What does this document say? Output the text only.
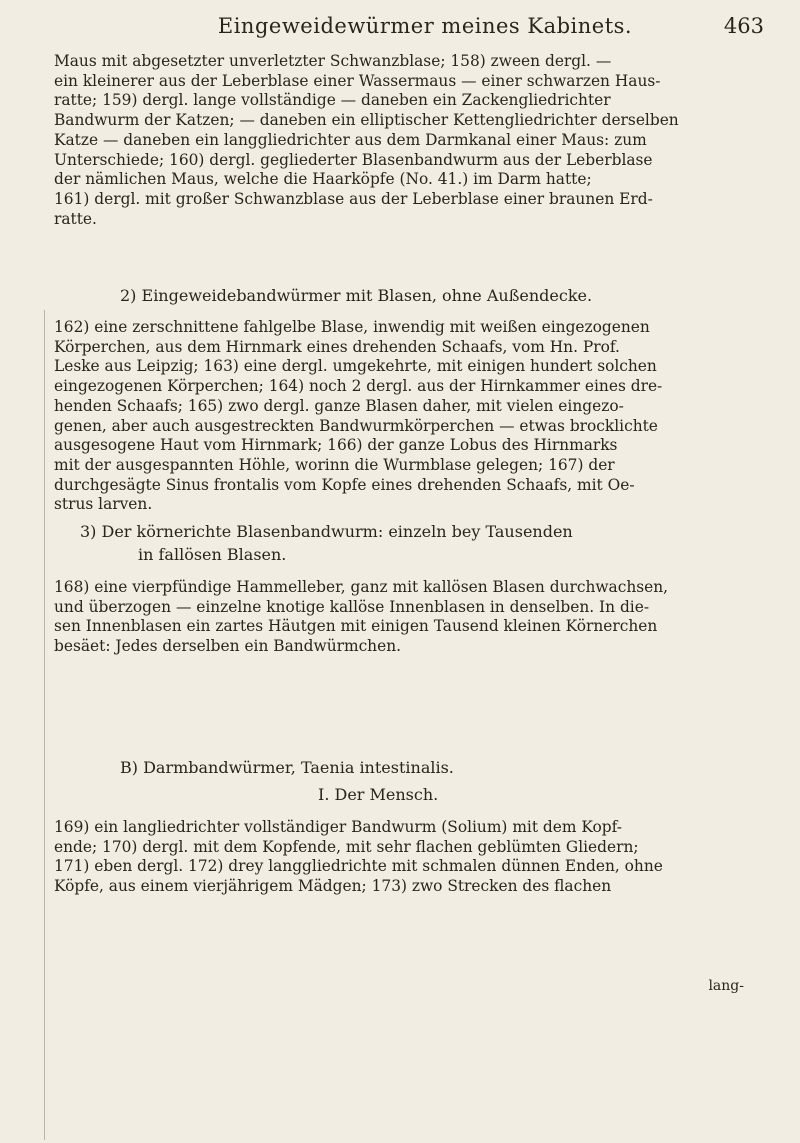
Eingeweidewürmer meines Kabinets.	463

Maus mit abgesetzter unverletzter Schwanzblase; 158) zween dergl. —
ein kleinerer aus der Leberblase einer Wassermaus — einer schwarzen Haus-
ratte; 159) dergl. lange vollständige — daneben ein Zackengliedrichter
Bandwurm der Katzen; — daneben ein elliptischer Kettengliedrichter derselben
Katze — daneben ein langgliedrichter aus dem Darmkanal einer Maus: zum
Unterschiede; 160) dergl. gegliederter Blasenbandwurm aus der Leberblase
der nämlichen Maus, welche die Haarköpfe (No. 41.) im Darm hatte;
161) dergl. mit großer Schwanzblase aus der Leberblase einer braunen Erd-
ratte.

2) Eingeweidebandwürmer mit Blasen, ohne Außendecke.

162) eine zerschnittene fahlgelbe Blase, inwendig mit weißen eingezogenen
Körperchen, aus dem Hirnmark eines drehenden Schaafs, vom Hn. Prof.
Leske aus Leipzig; 163) eine dergl. umgekehrte, mit einigen hundert solchen
eingezogenen Körperchen; 164) noch 2 dergl. aus der Hirnkammer eines dre-
henden Schaafs; 165) zwo dergl. ganze Blasen daher, mit vielen eingezo-
genen, aber auch ausgestreckten Bandwurmkörperchen — etwas brocklichte
ausgesogene Haut vom Hirnmark; 166) der ganze Lobus des Hirnmarks
mit der ausgespannten Höhle, worinn die Wurmblase gelegen; 167) der
durchgesägte Sinus frontalis vom Kopfe eines drehenden Schaafs, mit Oe-
strus larven.

3) Der körnerichte Blasenbandwurm: einzeln bey Tausenden
in fallösen Blasen.

168) eine vierpfündige Hammelleber, ganz mit kallösen Blasen durchwachsen,
und überzogen — einzelne knotige kallöse Innenblasen in denselben. In die-
sen Innenblasen ein zartes Häutgen mit einigen Tausend kleinen Körnerchen
besäet: Jedes derselben ein Bandwürmchen.

B) Darmbandwürmer, Taenia intestinalis.
I. Der Mensch.

169) ein langliedrichter vollständiger Bandwurm (Solium) mit dem Kopf-
ende; 170) dergl. mit dem Kopfende, mit sehr flachen geblümten Gliedern;
171) eben dergl. 172) drey langgliedrichte mit schmalen dünnen Enden, ohne
Köpfe, aus einem vierjährigem Mädgen; 173) zwo Strecken des flachen

lang-
